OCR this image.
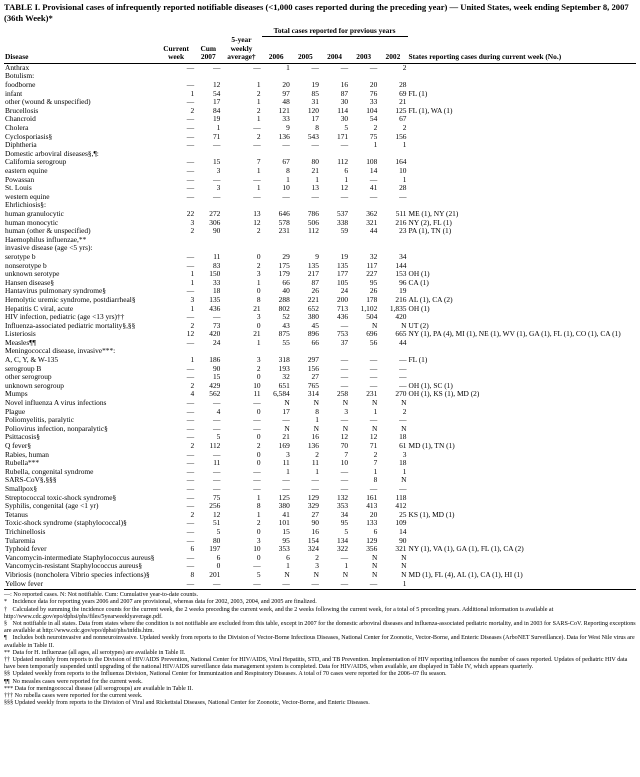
TABLE I. Provisional cases of infrequently reported notifiable diseases (<1,000 cases reported during the preceding year) — United States, week ending September 8, 2007 (36th Week)*
				Total cases reported for previous years					
Disease	Current week	Cum 2007	5-year weekly average†	2006	2005	2004	2003	2002	States reporting cases during current week (No.)

Anthrax	—	—	—	1	—	—	—	2	
Botulism:									
foodborne	—	12	1	20	19	16	20	28	
infant	1	54	2	97	85	87	76	69	FL (1)
other (wound & unspecified)	—	17	1	48	31	30	33	21	
Brucellosis	2	84	2	121	120	114	104	125	FL (1), WA (1)
Chancroid	—	19	1	33	17	30	54	67	
Cholera	—	1	—	9	8	5	2	2	
Cyclosporiasis§	—	71	2	136	543	171	75	156	
Diphtheria	—	—	—	—	—	—	1	1	
Domestic arboviral diseases§,¶:									
California serogroup	—	15	7	67	80	112	108	164	
eastern equine	—	3	1	8	21	6	14	10	
Powassan	—	—	—	1	1	1	—	1	
St. Louis	—	3	1	10	13	12	41	28	
western equine	—	—	—	—	—	—	—	—	
Ehrlichiosis§:									
human granulocytic	22	272	13	646	786	537	362	511	ME (1), NY (21)
human monocytic	3	306	12	578	506	338	321	216	NY (2), FL (1)
human (other & unspecified)	2	90	2	231	112	59	44	23	PA (1), TN (1)
Haemophilus influenzae,**									
invasive disease (age <5 yrs):									
serotype b	—	11	0	29	9	19	32	34	
nonserotype b	—	83	2	175	135	135	117	144	
unknown serotype	1	150	3	179	217	177	227	153	OH (1)
Hansen disease§	1	33	1	66	87	105	95	96	CA (1)
Hantavirus pulmonary syndrome§	—	18	0	40	26	24	26	19	
Hemolytic uremic syndrome, postdiarrheal§	3	135	8	288	221	200	178	216	AL (1), CA (2)
Hepatitis C viral, acute	1	436	21	802	652	713	1,102	1,835	OH (1)
HIV infection, pediatric (age <13 yrs)††	—	—	3	52	380	436	504	420	
Influenza-associated pediatric mortality§,§§	2	73	0	43	45	—	N	N	UT (2)
Listeriosis	12	420	21	875	896	753	696	665	NY (1), PA (4), MI (1), NE (1), WV (1), GA (1), FL (1), CO (1), CA (1)
Measles¶¶	—	24	1	55	66	37	56	44	
Meningococcal disease, invasive***:									
A, C, Y, & W-135	1	186	3	318	297	—	—	—	FL (1)
serogroup B	—	90	2	193	156	—	—	—	
other serogroup	—	15	0	32	27	—	—	—	
unknown serogroup	2	429	10	651	765	—	—	—	OH (1), SC (1)
Mumps	4	562	11	6,584	314	258	231	270	OH (1), KS (1), MD (2)
Novel influenza A virus infections	—	—	—	N	N	N	N	N	
Plague	—	4	0	17	8	3	1	2	
Poliomyelitis, paralytic	—	—	—	—	1	—	—	—	
Poliovirus infection, nonparalytic§	—	—	—	N	N	N	N	N	
Psittacosis§	—	5	0	21	16	12	12	18	
Q fever§	2	112	2	169	136	70	71	61	MD (1), TN (1)
Rabies, human	—	—	0	3	2	7	2	3	
Rubella***	—	11	0	11	11	10	7	18	
Rubella, congenital syndrome	—	—	—	1	1	—	1	1	
SARS-CoV§,§§§	—	—	—	—	—	—	8	N	
Smallpox§	—	—	—	—	—	—	—	—	
Streptococcal toxic-shock syndrome§	—	75	1	125	129	132	161	118	
Syphilis, congenital (age <1 yr)	—	256	8	380	329	353	413	412	
Tetanus	2	12	1	41	27	34	20	25	KS (1), MD (1)
Toxic-shock syndrome (staphylococcal)§	—	51	2	101	90	95	133	109	
Trichinellosis	—	5	0	15	16	5	6	14	
Tularemia	—	80	3	95	154	134	129	90	
Typhoid fever	6	197	10	353	324	322	356	321	NY (1), VA (1), GA (1), FL (1), CA (2)
Vancomycin-intermediate Staphylococcus aureus§	—	6	0	6	2	—	N	N	
Vancomycin-resistant Staphylococcus aureus§	—	0	—	1	3	1	N	N	
Vibriosis (noncholera Vibrio species infections)§	8	201	5	N	N	N	N	N	MD (1), FL (4), AL (1), CA (1), HI (1)
Yellow fever	—	—	—	—	—	—	—	1	

—: No reported cases. N: Not notifiable. Cum: Cumulative year-to-date counts.
* Incidence data for reporting years 2006 and 2007 are provisional, whereas data for 2002, 2003, 2004, and 2005 are finalized.
† Calculated by summing the incidence counts for the current week, the 2 weeks preceding the current week, and the 2 weeks following the current week, for a total of 5 preceding years. Additional information is available at http://www.cdc.gov/epo/dphsi/phs/files/5yearweeklyaverage.pdf.
§ Not notifiable in all states. Data from states where the condition is not notifiable are excluded from this table, except in 2007 for the domestic arboviral diseases and influenza-associated pediatric mortality, and in 2003 for SARS-CoV. Reporting exceptions are available at http://www.cdc.gov/epo/dphsi/phs/infdis.htm.
¶ Includes both neuroinvasive and nonneuroinvasive. Updated weekly from reports to the Division of Vector-Borne Infectious Diseases, National Center for Zoonotic, Vector-Borne, and Enteric Diseases (ArboNET Surveillance). Data for West Nile virus are available in Table II.
** Data for H. influenzae (all ages, all serotypes) are available in Table II.
†† Updated monthly from reports to the Division of HIV/AIDS Prevention, National Center for HIV/AIDS, Viral Hepatitis, STD, and TB Prevention. Implementation of HIV reporting influences the number of cases reported. Updates of pediatric HIV data have been temporarily suspended until upgrading of the national HIV/AIDS surveillance data management system is completed. Data for HIV/AIDS, when available, are displayed in Table IV, which appears quarterly.
§§ Updated weekly from reports to the Influenza Division, National Center for Immunization and Respiratory Diseases. A total of 70 cases were reported for the 2006–07 flu season.
¶¶ No measles cases were reported for the current week.
*** Data for meningococcal disease (all serogroups) are available in Table II.
††† No rubella cases were reported for the current week.
§§§ Updated weekly from reports to the Division of Viral and Rickettsial Diseases, National Center for Zoonotic, Vector-Borne, and Enteric Diseases.
